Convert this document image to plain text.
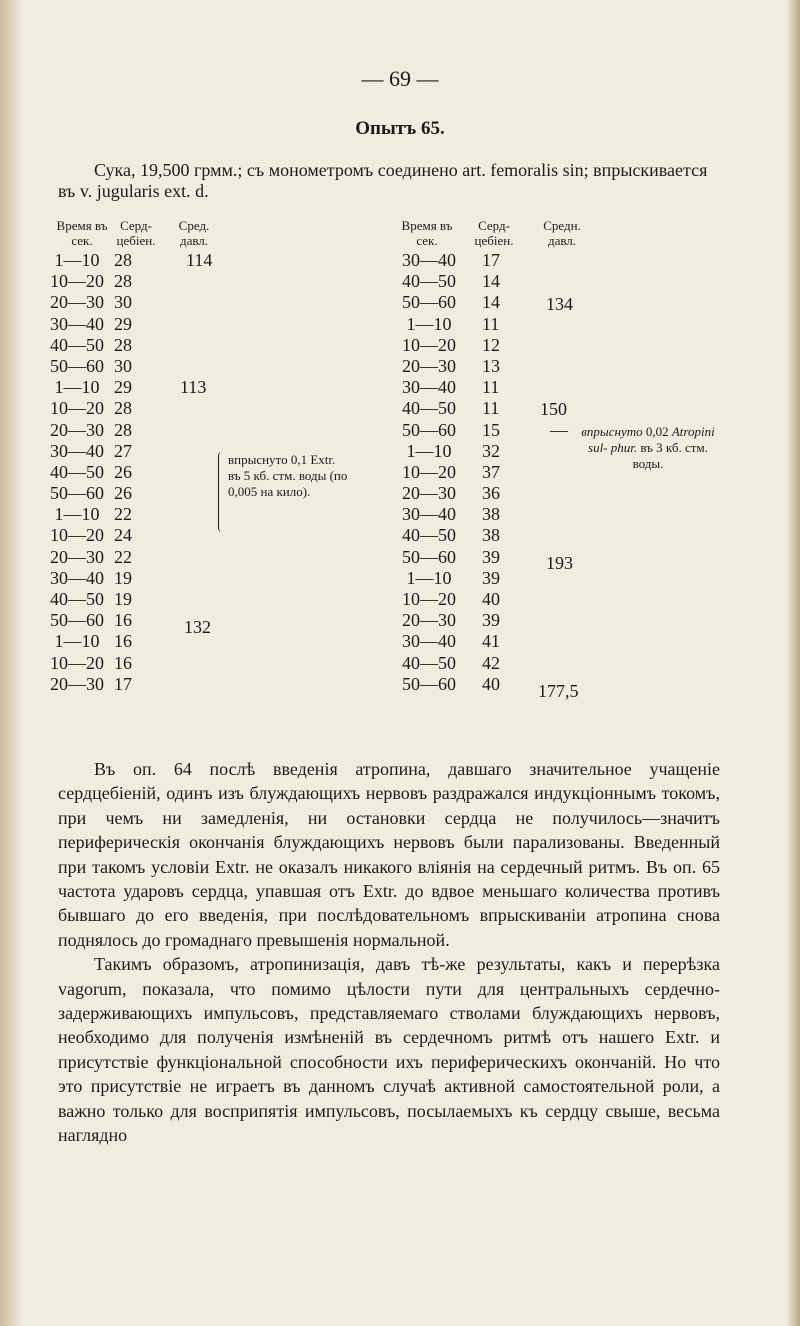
— 69 —
Опытъ 65.
Сука, 19,500 грмм.; съ монометромъ соединено art. femoralis sin; впрыскивается въ v. jugularis ext. d.
Время въ сек.
Серд- цебіен.
Сред. давл.
Время въ сек.
Серд- цебіен.
Средн. давл.
1—10
10—20
20—30
30—40
40—50
50—60
1—10
10—20
20—30
30—40
40—50
50—60
1—10
10—20
20—30
30—40
40—50
50—60
1—10
10—20
20—30
28
28
30
29
28
30
29
28
28
27
26
26
22
24
22
19
19
16
16
16
17
30—40
40—50
50—60
1—10
10—20
20—30
30—40
40—50
50—60
1—10
10—20
20—30
30—40
40—50
50—60
1—10
10—20
20—30
30—40
40—50
50—60
17
14
14
11
12
13
11
11
15
32
37
36
38
38
39
39
40
39
41
42
40
114
113
132
впрыснуто 0,1 Extr. въ 5 кб. стм. воды (по 0,005 на кило).
134
150
193
177,5
— впрыснуто 0,02 Atropini sul- phur. въ 3 кб. стм. воды.

Въ оп. 64 послѣ введенія атропина, давшаго значительное учащеніе сердцебіеній, одинъ изъ блуждающихъ нервовъ раздражался индукціоннымъ токомъ, при чемъ ни замедленія, ни остановки сердца не получилось—значитъ периферическія окончанія блуждающихъ нервовъ были парализованы. Введенный при такомъ условіи Extr. не оказалъ никакого вліянія на сердечный ритмъ. Въ оп. 65 частота ударовъ сердца, упавшая отъ Extr. до вдвое меньшаго количества противъ бывшаго до его введенія, при послѣдовательномъ впрыскиваніи атропина снова поднялось до громаднаго превышенія нормальной.

Такимъ образомъ, атропинизація, давъ тѣ-же результаты, какъ и перерѣзка vagorum, показала, что помимо цѣлости пути для центральныхъ сердечно-задерживающихъ импульсовъ, представляемаго стволами блуждающихъ нервовъ, необходимо для полученія измѣненій въ сердечномъ ритмѣ отъ нашего Extr. и присутствіе функціональной способности ихъ периферическихъ окончаній. Но что это присутствіе не играетъ въ данномъ случаѣ активной самостоятельной роли, а важно только для восприпятія импульсовъ, посылаемыхъ къ сердцу свыше, весьма наглядно
